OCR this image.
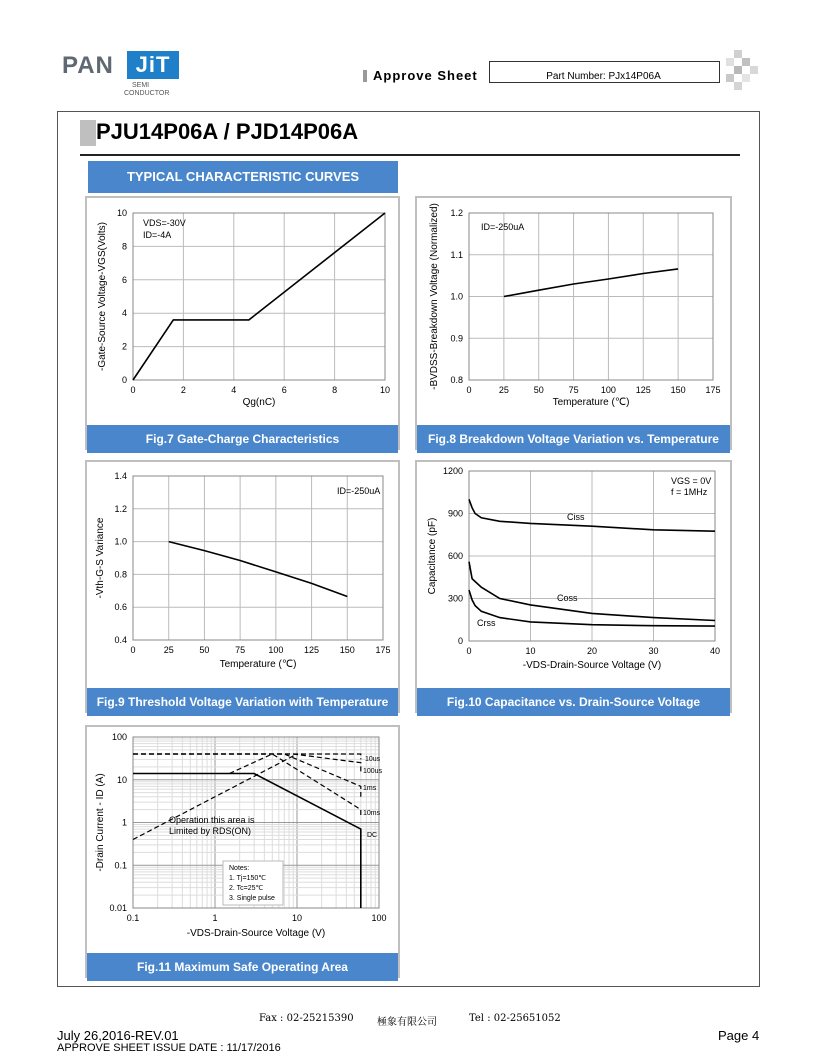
PAN JiT
SEMI
CONDUCTOR
Approve Sheet	Part Number: PJx14P06A
PJU14P06A / PJD14P06A
TYPICAL CHARACTERISTIC CURVES
0	2	4	6	8	10
0
2
4
6
8
10
Qg(nC)
-Gate-Source Voltage-VGS(Volts)	VDS=-30V
ID=-4A
Fig.7 Gate-Charge Characteristics
0	25	50	75 100 125 150 175
0.8
0.9
1.0
1.1
1.2
Temperature (℃)
-BVDSS-Breakdown Voltage (Normalized)	ID=-250uA
Fig.8 Breakdown Voltage Variation vs. Temperature
0	25	50	75	100 125 150 175
0.4
0.6
0.8
1.0
1.2
1.4
Temperature (℃)
-Vth-G-S Variance
ID=-250uA
Fig.9 Threshold Voltage Variation with Temperature
0	10	20	30	40
0
300
600
900
1200
-VDS-Drain-Source Voltage (V)
Capacitance (pF)
VGS = 0V
f = 1MHz
Ciss
Coss
Crss
Fig.10 Capacitance vs. Drain-Source Voltage
0.1	1	10	100
0.01
0.1
1
10
100
-VDS-Drain-Source Voltage (V)
-Drain Current - ID (A)	Operation this area is
Limited by RDS(ON)	DC
10us
100us
1ms
10ms
Notes:
1. Tj=150℃
2. Tc=25℃
3. Single pulse
Fig.11 Maximum Safe Operating Area
Fax : 02-25215390 極象有限公司	Tel : 02-25651052
July 26,2016-REV.01
APPROVE SHEET ISSUE DATE : 11/17/2016
Page 4
